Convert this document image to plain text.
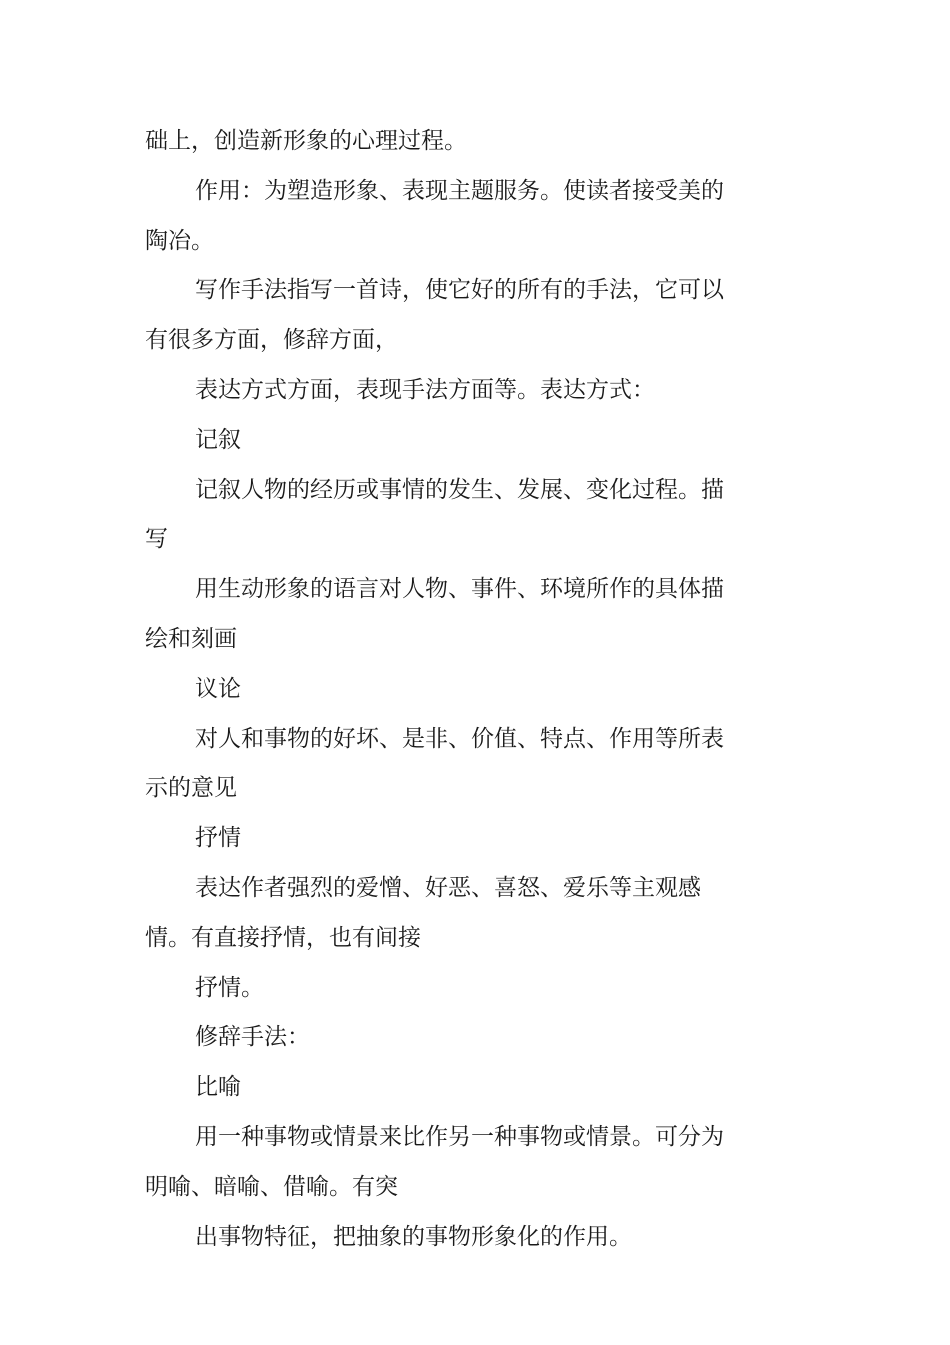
础上，创造新形象的心理过程。

作用：为塑造形象、表现主题服务。使读者接受美的陶冶。

写作手法指写一首诗，使它好的所有的手法，它可以有很多方面，修辞方面，

表达方式方面，表现手法方面等。表达方式：

记叙

记叙人物的经历或事情的发生、发展、变化过程。描写

用生动形象的语言对人物、事件、环境所作的具体描绘和刻画

议论

对人和事物的好坏、是非、价值、特点、作用等所表示的意见

抒情

表达作者强烈的爱憎、好恶、喜怒、爱乐等主观感情。有直接抒情，也有间接

抒情。

修辞手法：

比喻

用一种事物或情景来比作另一种事物或情景。可分为明喻、暗喻、借喻。有突

出事物特征，把抽象的事物形象化的作用。
